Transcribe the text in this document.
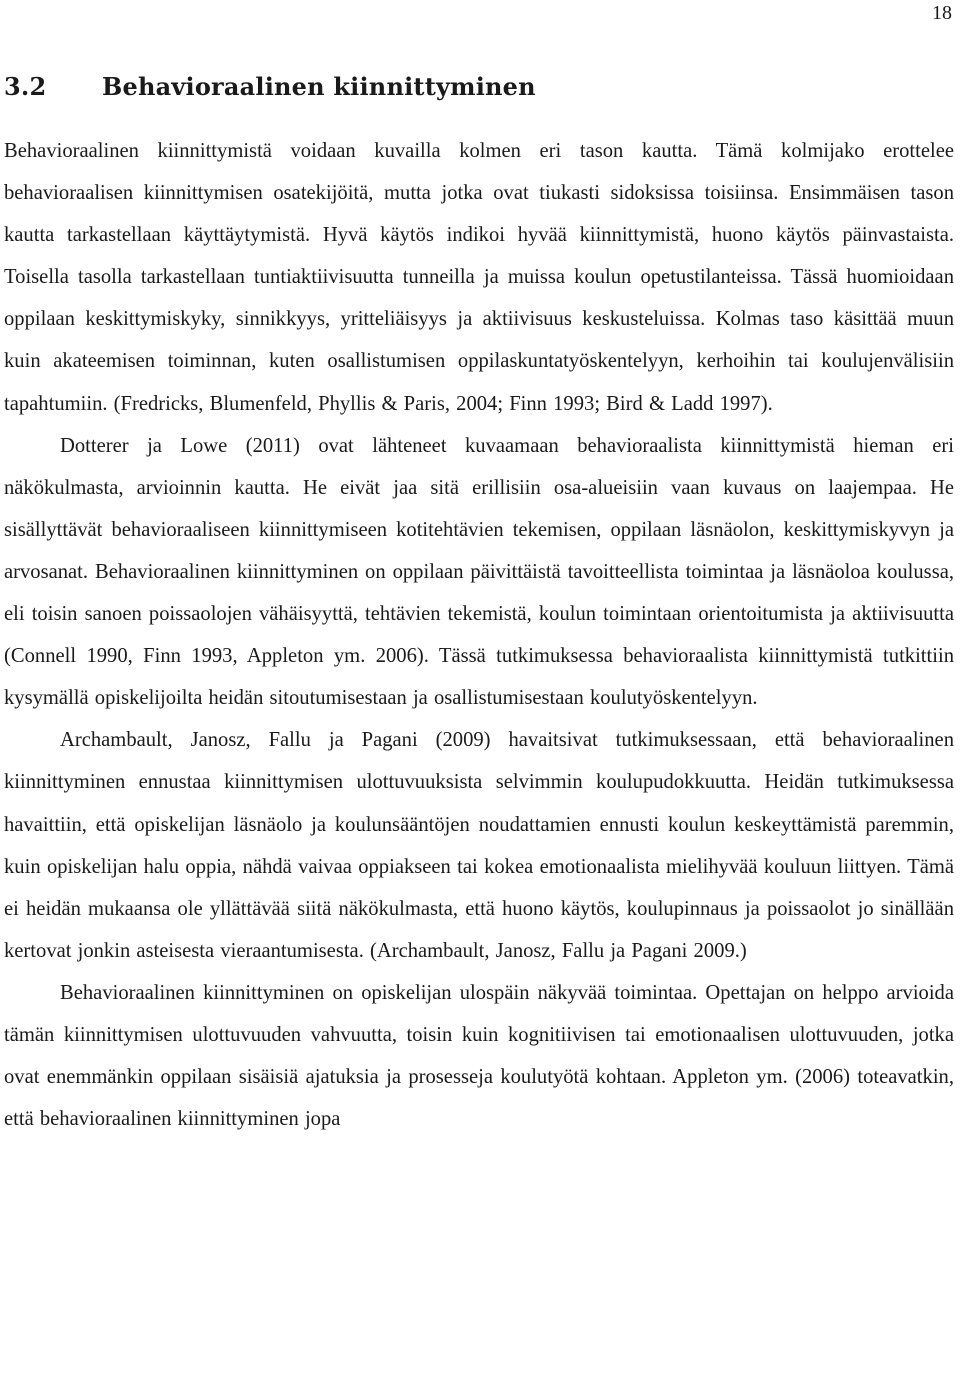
18
3.2 Behavioraalinen kiinnittyminen

Behavioraalinen kiinnittymistä voidaan kuvailla kolmen eri tason kautta. Tämä kolmijako erottelee behavioraalisen kiinnittymisen osatekijöitä, mutta jotka ovat tiukasti sidoksissa toisiinsa. Ensimmäisen tason kautta tarkastellaan käyttäytymistä. Hyvä käytös indikoi hyvää kiinnittymistä, huono käytös päinvastaista. Toisella tasolla tarkastellaan tuntiaktiivisuutta tunneilla ja muissa koulun opetustilanteissa. Tässä huomioidaan oppilaan keskittymiskyky, sinnikkyys, yritteliäisyys ja aktiivisuus keskusteluissa. Kolmas taso käsittää muun kuin akateemisen toiminnan, kuten osallistumisen oppilaskuntatyöskentelyyn, kerhoihin tai koulujenvälisiin tapahtumiin. (Fredricks, Blumenfeld, Phyllis & Paris, 2004; Finn 1993; Bird & Ladd 1997).

Dotterer ja Lowe (2011) ovat lähteneet kuvaamaan behavioraalista kiinnittymistä hieman eri näkökulmasta, arvioinnin kautta. He eivät jaa sitä erillisiin osa-alueisiin vaan kuvaus on laajempaa. He sisällyttävät behavioraaliseen kiinnittymiseen kotitehtävien tekemisen, oppilaan läsnäolon, keskittymiskyvyn ja arvosanat. Behavioraalinen kiinnittyminen on oppilaan päivittäistä tavoitteellista toimintaa ja läsnäoloa koulussa, eli toisin sanoen poissaolojen vähäisyyttä, tehtävien tekemistä, koulun toimintaan orientoitumista ja aktiivisuutta (Connell 1990, Finn 1993, Appleton ym. 2006). Tässä tutkimuksessa behavioraalista kiinnittymistä tutkittiin kysymällä opiskelijoilta heidän sitoutumisestaan ja osallistumisestaan koulutyöskentelyyn.

Archambault, Janosz, Fallu ja Pagani (2009) havaitsivat tutkimuksessaan, että behavioraalinen kiinnittyminen ennustaa kiinnittymisen ulottuvuuksista selvimmin koulupudokkuutta. Heidän tutkimuksessa havaittiin, että opiskelijan läsnäolo ja koulunsääntöjen noudattamien ennusti koulun keskeyttämistä paremmin, kuin opiskelijan halu oppia, nähdä vaivaa oppiakseen tai kokea emotionaalista mielihyvää kouluun liittyen. Tämä ei heidän mukaansa ole yllättävää siitä näkökulmasta, että huono käytös, koulupinnaus ja poissaolot jo sinällään kertovat jonkin asteisesta vieraantumisesta. (Archambault, Janosz, Fallu ja Pagani 2009.)

Behavioraalinen kiinnittyminen on opiskelijan ulospäin näkyvää toimintaa. Opettajan on helppo arvioida tämän kiinnittymisen ulottuvuuden vahvuutta, toisin kuin kognitiivisen tai emotionaalisen ulottuvuuden, jotka ovat enemmänkin oppilaan sisäisiä ajatuksia ja prosesseja koulutyötä kohtaan. Appleton ym. (2006) toteavatkin, että behavioraalinen kiinnittyminen jopa
